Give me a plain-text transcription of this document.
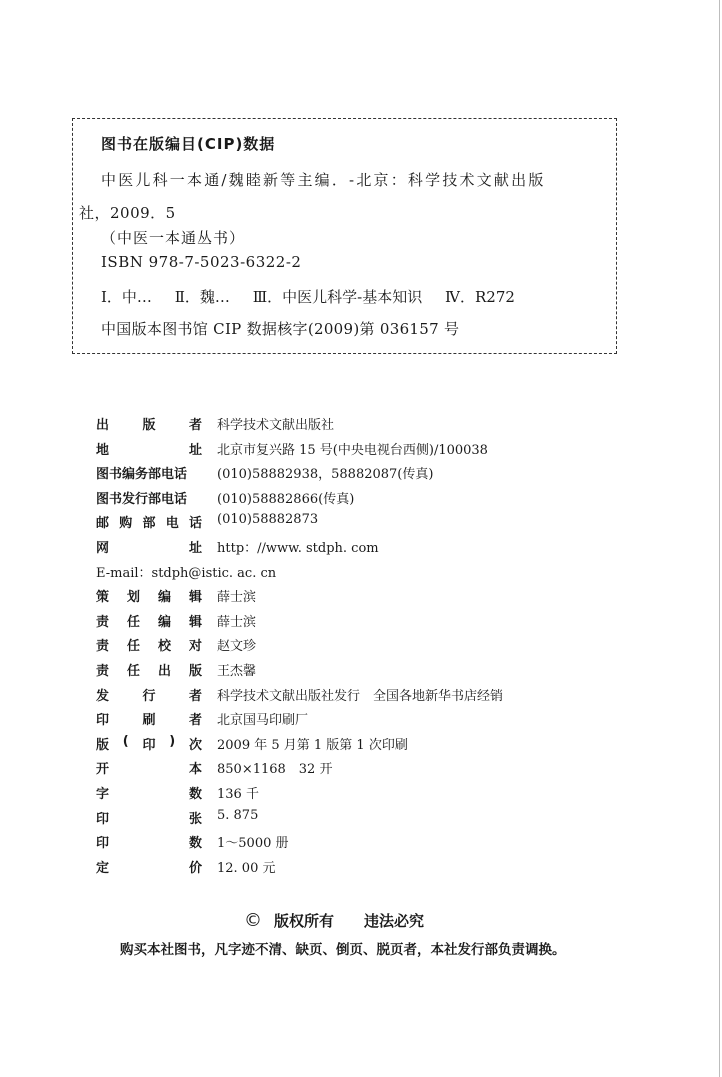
图书在版编目(CIP)数据
中医儿科一本通/魏睦新等主编．-北京：科学技术文献出版
社，2009．5
（中医一本通丛书）
ISBN 978-7-5023-6322-2
Ⅰ．中… Ⅱ．魏… Ⅲ．中医儿科学-基本知识 Ⅳ．R272
中国版本图书馆 CIP 数据核字(2009)第 036157 号
出	版	者 科学技术文献出版社
地	址 北京市复兴路 15 号(中央电视台西侧)/100038
图书编务部电话 (010)58882938，58882087(传真)
图书发行部电话 (010)58882866(传真)
邮 购 部 电 话 (010)58882873
网	址 http：//www. stdph. com
E-mail：stdph@istic. ac. cn
策 划 编 辑 薛士滨
责 任 编 辑 薛士滨
责 任 校 对 赵文珍
责 任 出 版 王杰馨
发	行	者 科学技术文献出版社发行　全国各地新华书店经销
印	刷	者 北京国马印刷厂
版 ( 印 ) 次 2009 年 5 月第 1 版第 1 次印刷
开	本 850×1168　32 开
字	数 136 千
印	张 5. 875
印	数 1～5000 册
定	价 12. 00 元
© 版权所有 违法必究
购买本社图书，凡字迹不清、缺页、倒页、脱页者，本社发行部负责调换。
